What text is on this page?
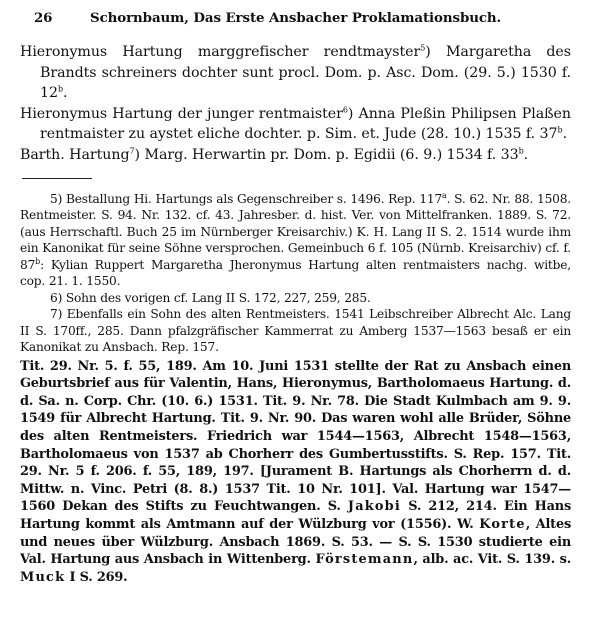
26	Schornbaum, Das Erste Ansbacher Proklamationsbuch.

Hieronymus Hartung marggrefischer rendtmayster$^5$) Margaretha des Brandts schreiners dochter sunt procl. Dom. p. Asc. Dom. (29. 5.) 1530 f. 12$^b$.

Hieronymus Hartung der junger rentmaister$^6$) Anna Pleßin Philipsen Plaßen rentmaister zu aystet eliche dochter. p. Sim. et. Jude (28. 10.) 1535 f. 37$^b$.

Barth. Hartung$^7$) Marg. Herwartin pr. Dom. p. Egidii (6. 9.) 1534 f. 33$^b$.

5) Bestallung Hi. Hartungs als Gegenschreiber s. 1496. Rep. 117$^a$. S. 62. Nr. 88. 1508. Rentmeister. S. 94. Nr. 132. cf. 43. Jahresber. d. hist. Ver. von Mittelfranken. 1889. S. 72. (aus Herrschaftl. Buch 25 im Nürnberger Kreisarchiv.) K. H. Lang II S. 2. 1514 wurde ihm ein Kanonikat für seine Söhne versprochen. Gemeinbuch 6 f. 105 (Nürnb. Kreisarchiv) cf. f. 87$^b$: Kylian Ruppert Margaretha Jheronymus Hartung alten rentmaisters nachg. witbe, cop. 21. 1. 1550.

6) Sohn des vorigen cf. Lang II S. 172, 227, 259, 285.

7) Ebenfalls ein Sohn des alten Rentmeisters. 1541 Leibschreiber Albrecht Alc. Lang II S. 170ff., 285. Dann pfalzgräfischer Kammerrat zu Amberg 1537—1563 besaß er ein Kanonikat zu Ansbach. Rep. 157.

Tit. 29. Nr. 5. f. 55, 189. Am 10. Juni 1531 stellte der Rat zu Ansbach einen Geburtsbrief aus für Valentin, Hans, Hieronymus, Bartholomaeus Hartung. d. d. Sa. n. Corp. Chr. (10. 6.) 1531. Tit. 9. Nr. 78. Die Stadt Kulmbach am 9. 9. 1549 für Albrecht Hartung. Tit. 9. Nr. 90. Das waren wohl alle Brüder, Söhne des alten Rentmeisters. Friedrich war 1544—1563, Albrecht 1548—1563, Bartholomaeus von 1537 ab Chorherr des Gumbertusstifts. S. Rep. 157. Tit. 29. Nr. 5 f. 206. f. 55, 189, 197. [Jurament B. Hartungs als Chorherrn d. d. Mittw. n. Vinc. Petri (8. 8.) 1537 Tit. 10 Nr. 101]. Val. Hartung war 1547—1560 Dekan des Stifts zu Feuchtwangen. S. Jakobi S. 212, 214. Ein Hans Hartung kommt als Amtmann auf der Wülzburg vor (1556). W. Korte, Altes und neues über Wülzburg. Ansbach 1869. S. 53. — S. S. 1530 studierte ein Val. Hartung aus Ansbach in Wittenberg. Förstemann, alb. ac. Vit. S. 139. s. Muck I S. 269.
